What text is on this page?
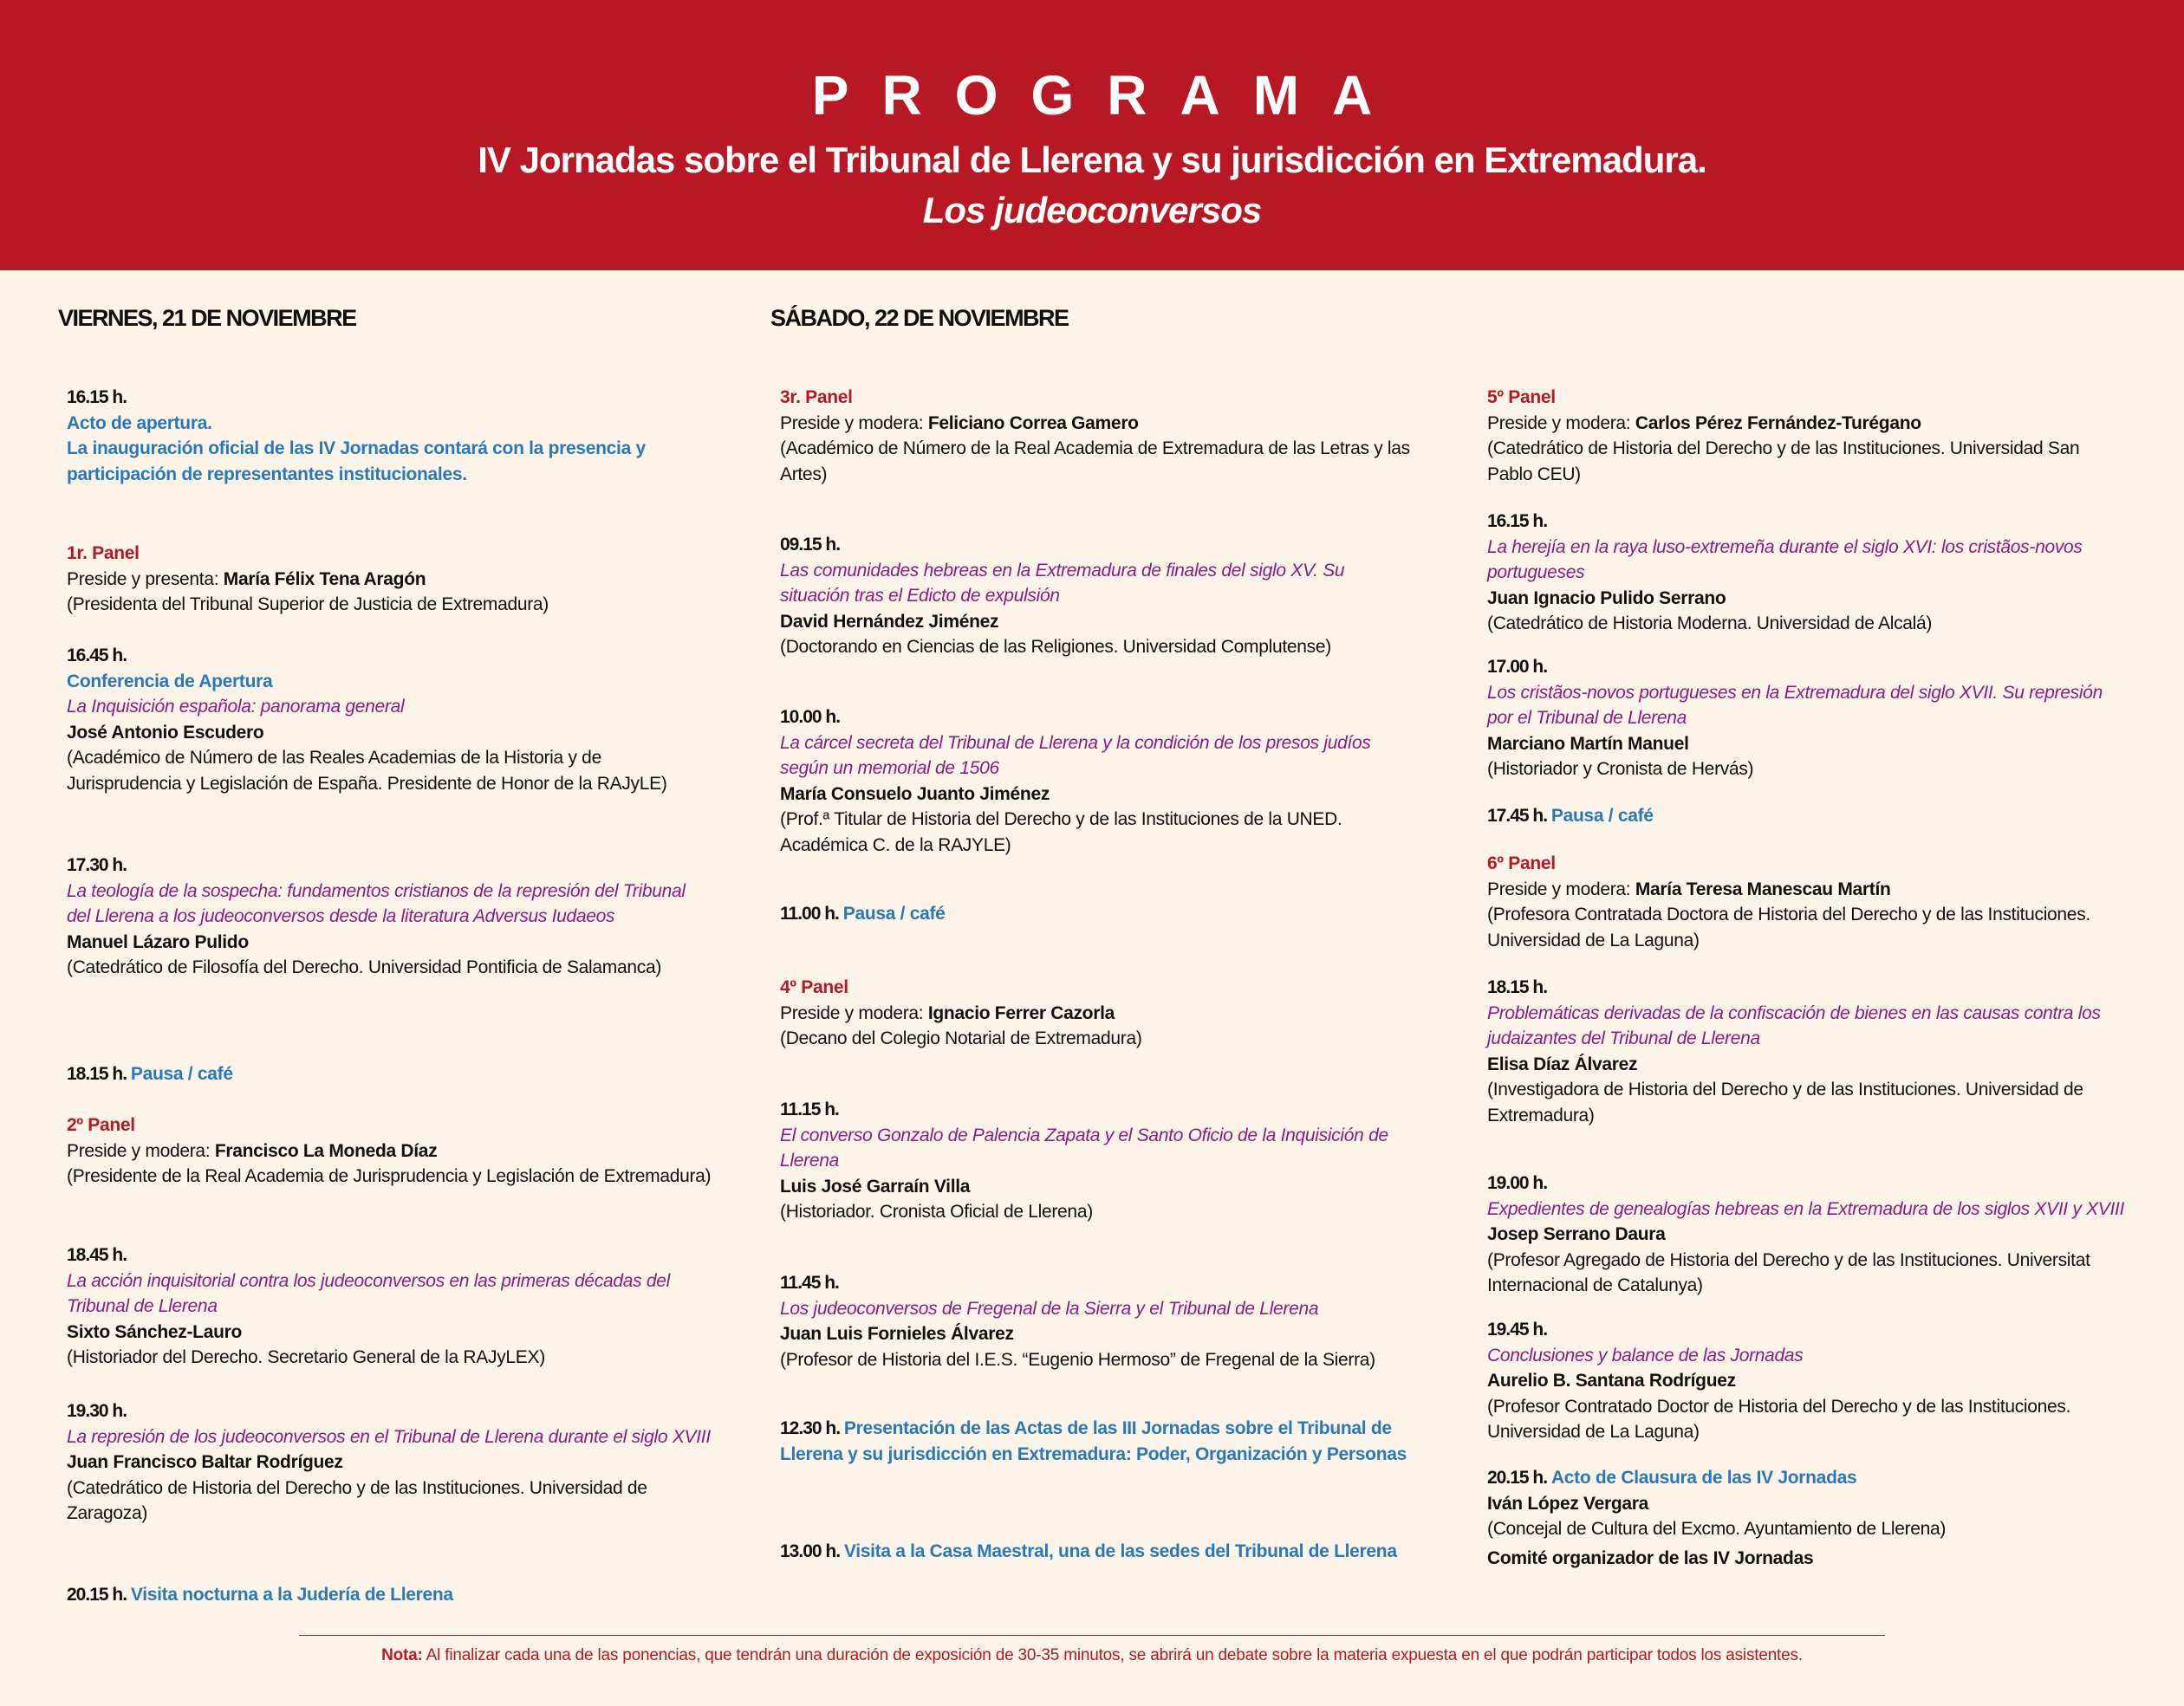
PROGRAMA
IV Jornadas sobre el Tribunal de Llerena y su jurisdicción en Extremadura.
Los judeoconversos
VIERNES, 21 DE NOVIEMBRE	SÁBADO, 22 DE NOVIEMBRE
16.15 h.
Acto de apertura.
La inauguración oficial de las IV Jornadas contará con la presencia y participación de representantes institucionales.
1r. Panel
Preside y presenta: María Félix Tena Aragón
(Presidenta del Tribunal Superior de Justicia de Extremadura)
16.45 h.
Conferencia de Apertura
La Inquisición española: panorama general
José Antonio Escudero
(Académico de Número de las Reales Academias de la Historia y de Jurisprudencia y Legislación de España. Presidente de Honor de la RAJyLE)
17.30 h.
La teología de la sospecha: fundamentos cristianos de la represión del Tribunal del Llerena a los judeoconversos desde la literatura Adversus Iudaeos
Manuel Lázaro Pulido
(Catedrático de Filosofía del Derecho. Universidad Pontificia de Salamanca)
18.15 h. Pausa / café
2º Panel
Preside y modera: Francisco La Moneda Díaz
(Presidente de la Real Academia de Jurisprudencia y Legislación de Extremadura)
18.45 h.
La acción inquisitorial contra los judeoconversos en las primeras décadas del Tribunal de Llerena
Sixto Sánchez-Lauro
(Historiador del Derecho. Secretario General de la RAJyLEX)
19.30 h.
La represión de los judeoconversos en el Tribunal de Llerena durante el siglo XVIII
Juan Francisco Baltar Rodríguez
(Catedrático de Historia del Derecho y de las Instituciones. Universidad de Zaragoza)
20.15 h. Visita nocturna a la Judería de Llerena
3r. Panel
Preside y modera: Feliciano Correa Gamero
(Académico de Número de la Real Academia de Extremadura de las Letras y las Artes)
09.15 h.
Las comunidades hebreas en la Extremadura de finales del siglo XV. Su situación tras el Edicto de expulsión
David Hernández Jiménez
(Doctorando en Ciencias de las Religiones. Universidad Complutense)
10.00 h.
La cárcel secreta del Tribunal de Llerena y la condición de los presos judíos según un memorial de 1506
María Consuelo Juanto Jiménez
(Prof.ª Titular de Historia del Derecho y de las Instituciones de la UNED. Académica C. de la RAJYLE)
11.00 h. Pausa / café
4º Panel
Preside y modera: Ignacio Ferrer Cazorla
(Decano del Colegio Notarial de Extremadura)
11.15 h.
El converso Gonzalo de Palencia Zapata y el Santo Oficio de la Inquisición de Llerena
Luis José Garraín Villa
(Historiador. Cronista Oficial de Llerena)
11.45 h.
Los judeoconversos de Fregenal de la Sierra y el Tribunal de Llerena
Juan Luis Fornieles Álvarez
(Profesor de Historia del I.E.S. “Eugenio Hermoso” de Fregenal de la Sierra)
12.30 h. Presentación de las Actas de las III Jornadas sobre el Tribunal de Llerena y su jurisdicción en Extremadura: Poder, Organización y Personas
13.00 h. Visita a la Casa Maestral, una de las sedes del Tribunal de Llerena
5º Panel
Preside y modera: Carlos Pérez Fernández-Turégano
(Catedrático de Historia del Derecho y de las Instituciones. Universidad San Pablo CEU)
16.15 h.
La herejía en la raya luso-extremeña durante el siglo XVI: los cristãos-novos portugueses
Juan Ignacio Pulido Serrano
(Catedrático de Historia Moderna. Universidad de Alcalá)
17.00 h.
Los cristãos-novos portugueses en la Extremadura del siglo XVII. Su represión por el Tribunal de Llerena
Marciano Martín Manuel
(Historiador y Cronista de Hervás)
17.45 h. Pausa / café
6º Panel
Preside y modera: María Teresa Manescau Martín
(Profesora Contratada Doctora de Historia del Derecho y de las Instituciones. Universidad de La Laguna)
18.15 h.
Problemáticas derivadas de la confiscación de bienes en las causas contra los judaizantes del Tribunal de Llerena
Elisa Díaz Álvarez
(Investigadora de Historia del Derecho y de las Instituciones. Universidad de Extremadura)
19.00 h.
Expedientes de genealogías hebreas en la Extremadura de los siglos XVII y XVIII
Josep Serrano Daura
(Profesor Agregado de Historia del Derecho y de las Instituciones. Universitat Internacional de Catalunya)
19.45 h.
Conclusiones y balance de las Jornadas
Aurelio B. Santana Rodríguez
(Profesor Contratado Doctor de Historia del Derecho y de las Instituciones. Universidad de La Laguna)
20.15 h. Acto de Clausura de las IV Jornadas
Iván López Vergara
(Concejal de Cultura del Excmo. Ayuntamiento de Llerena)
Comité organizador de las IV Jornadas
Nota: Al finalizar cada una de las ponencias, que tendrán una duración de exposición de 30-35 minutos, se abrirá un debate sobre la materia expuesta en el que podrán participar todos los asistentes.
